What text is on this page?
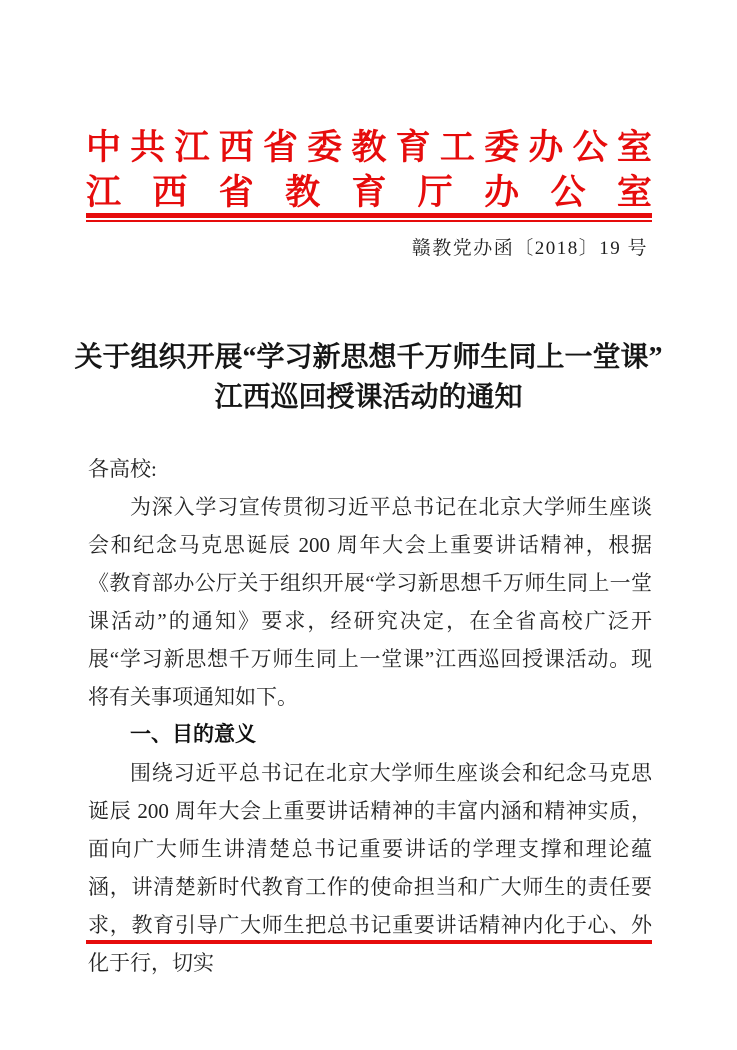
中 共 江 西 省 委 教 育 工 委 办 公 室
江 西 省 教 育 厅 办 公 室
赣教党办函〔2018〕19 号
关于组织开展“学习新思想千万师生同上一堂课”
江西巡回授课活动的通知

各高校:

为深入学习宣传贯彻习近平总书记在北京大学师生座谈会和纪念马克思诞辰 200 周年大会上重要讲话精神，根据《教育部办公厅关于组织开展“学习新思想千万师生同上一堂课活动”的通知》要求，经研究决定，在全省高校广泛开展“学习新思想千万师生同上一堂课”江西巡回授课活动。现将有关事项通知如下。

一、目的意义

围绕习近平总书记在北京大学师生座谈会和纪念马克思诞辰 200 周年大会上重要讲话精神的丰富内涵和精神实质，面向广大师生讲清楚总书记重要讲话的学理支撑和理论蕴涵，讲清楚新时代教育工作的使命担当和广大师生的责任要求，教育引导广大师生把总书记重要讲话精神内化于心、外化于行，切实
